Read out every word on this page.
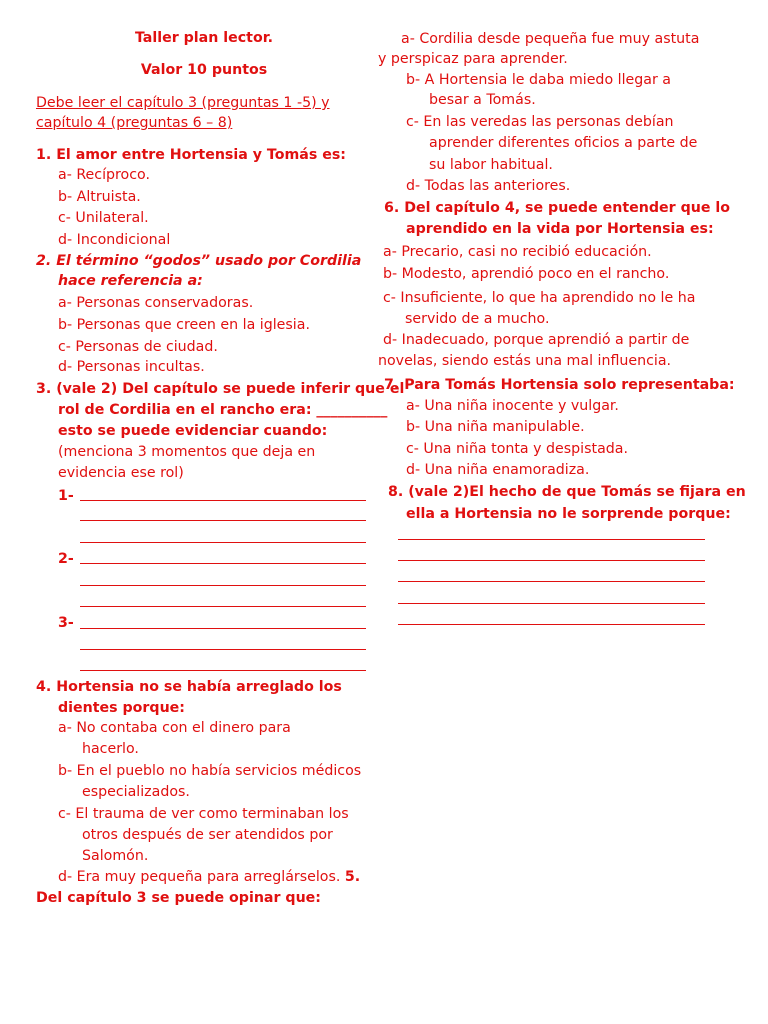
Taller plan lector.
Valor 10 puntos
Debe leer el capítulo 3 (preguntas 1 -5) y
capítulo 4 (preguntas 6 – 8)
1. El amor entre Hortensia y Tomás es:
a- Recíproco.
b- Altruista.
c- Unilateral.
d- Incondicional
2. El término “godos” usado por Cordilia
hace referencia a:
a- Personas conservadoras.
b- Personas que creen en la iglesia.
c- Personas de ciudad.
d- Personas incultas.
3. (vale 2) Del capítulo se puede inferir que el
rol de Cordilia en el rancho era: __________
esto se puede evidenciar cuando:
(menciona 3 momentos que deja en
evidencia ese rol)
1-
2-
3-
4. Hortensia no se había arreglado los
dientes porque:
a- No contaba con el dinero para
hacerlo.
b- En el pueblo no había servicios médicos
especializados.
c- El trauma de ver como terminaban los
otros después de ser atendidos por
Salomón.
d- Era muy pequeña para arreglárselos. 5.
Del capítulo 3 se puede opinar que:
a- Cordilia desde pequeña fue muy astuta
y perspicaz para aprender.
b- A Hortensia le daba miedo llegar a
besar a Tomás.
c- En las veredas las personas debían
aprender diferentes oficios a parte de
su labor habitual.
d- Todas las anteriores.
6. Del capítulo 4, se puede entender que lo
aprendido en la vida por Hortensia es:
a- Precario, casi no recibió educación.
b- Modesto, aprendió poco en el rancho.
c- Insuficiente, lo que ha aprendido no le ha
servido de a mucho.
d- Inadecuado, porque aprendió a partir de
novelas, siendo estás una mal influencia.
7. Para Tomás Hortensia solo representaba:
a- Una niña inocente y vulgar.
b- Una niña manipulable.
c- Una niña tonta y despistada.
d- Una niña enamoradiza.
8. (vale 2)El hecho de que Tomás se fijara en
ella a Hortensia no le sorprende porque:
